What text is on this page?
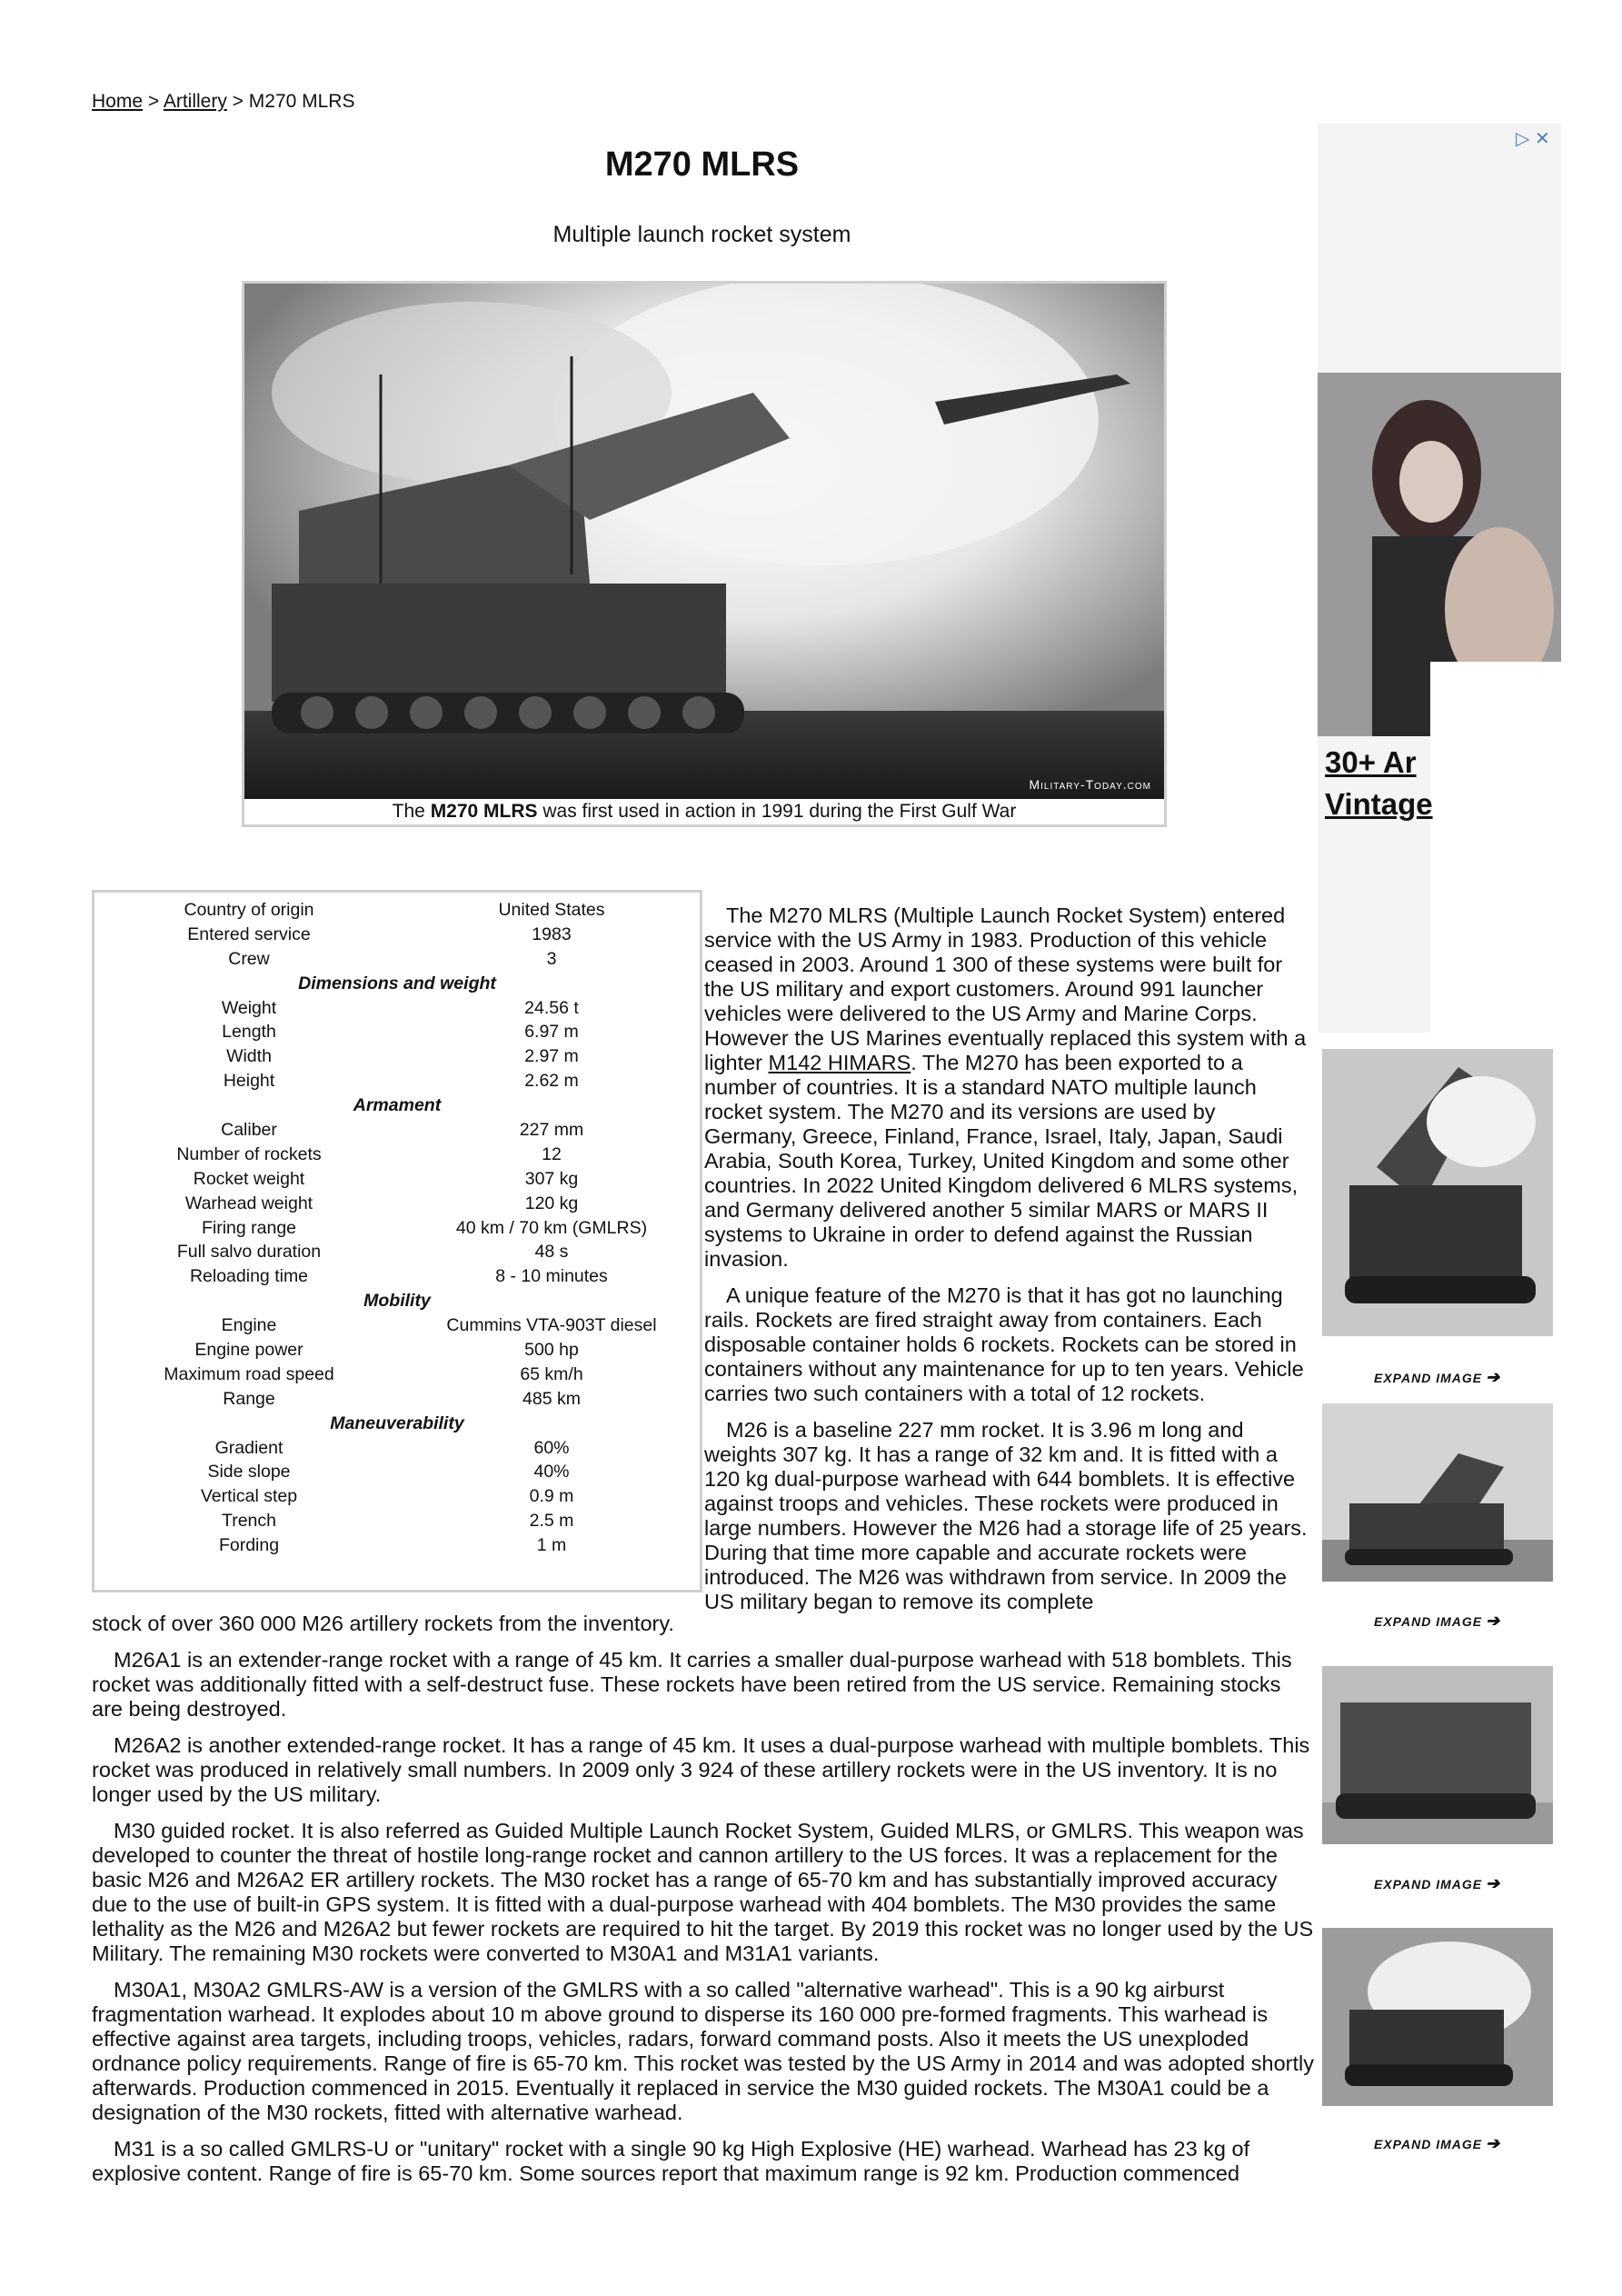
Home > Artillery > M270 MLRS
M270 MLRS
Multiple launch rocket system
Military-Today.com
The M270 MLRS was first used in action in 1991 during the First Gulf War
Country of origin	United States
Entered service	1983
Crew	3
Dimensions and weight
Weight	24.56 t
Length	6.97 m
Width	2.97 m
Height	2.62 m
Armament
Caliber	227 mm
Number of rockets	12
Rocket weight	307 kg
Warhead weight	120 kg
Firing range	40 km / 70 km (GMLRS)
Full salvo duration	48 s
Reloading time	8 - 10 minutes
Mobility
Engine	Cummins VTA-903T diesel
Engine power	500 hp
Maximum road speed	65 km/h
Range	485 km
Maneuverability
Gradient	60%
Side slope	40%
Vertical step	0.9 m
Trench	2.5 m
Fording	1 m

The M270 MLRS (Multiple Launch Rocket System) entered service with the US Army in 1983. Production of this vehicle ceased in 2003. Around 1 300 of these systems were built for the US military and export customers. Around 991 launcher vehicles were delivered to the US Army and Marine Corps. However the US Marines eventually replaced this system with a lighter M142 HIMARS. The M270 has been exported to a number of countries. It is a standard NATO multiple launch rocket system. The M270 and its versions are used by Germany, Greece, Finland, France, Israel, Italy, Japan, Saudi Arabia, South Korea, Turkey, United Kingdom and some other countries. In 2022 United Kingdom delivered 6 MLRS systems, and Germany delivered another 5 similar MARS or MARS II systems to Ukraine in order to defend against the Russian invasion.

A unique feature of the M270 is that it has got no launching rails. Rockets are fired straight away from containers. Each disposable container holds 6 rockets. Rockets can be stored in containers without any maintenance for up to ten years. Vehicle carries two such containers with a total of 12 rockets.

M26 is a baseline 227 mm rocket. It is 3.96 m long and weights 307 kg. It has a range of 32 km and. It is fitted with a 120 kg dual-purpose warhead with 644 bomblets. It is effective against troops and vehicles. These rockets were produced in large numbers. However the M26 had a storage life of 25 years. During that time more capable and accurate rockets were introduced. The M26 was withdrawn from service. In 2009 the US military began to remove its complete

stock of over 360 000 M26 artillery rockets from the inventory.

M26A1 is an extender-range rocket with a range of 45 km. It carries a smaller dual-purpose warhead with 518 bomblets. This rocket was additionally fitted with a self-destruct fuse. These rockets have been retired from the US service. Remaining stocks are being destroyed.

M26A2 is another extended-range rocket. It has a range of 45 km. It uses a dual-purpose warhead with multiple bomblets. This rocket was produced in relatively small numbers. In 2009 only 3 924 of these artillery rockets were in the US inventory. It is no longer used by the US military.

M30 guided rocket. It is also referred as Guided Multiple Launch Rocket System, Guided MLRS, or GMLRS. This weapon was developed to counter the threat of hostile long-range rocket and cannon artillery to the US forces. It was a replacement for the basic M26 and M26A2 ER artillery rockets. The M30 rocket has a range of 65-70 km and has substantially improved accuracy due to the use of built-in GPS system. It is fitted with a dual-purpose warhead with 404 bomblets. The M30 provides the same lethality as the M26 and M26A2 but fewer rockets are required to hit the target. By 2019 this rocket was no longer used by the US Military. The remaining M30 rockets were converted to M30A1 and M31A1 variants.

M30A1, M30A2 GMLRS-AW is a version of the GMLRS with a so called "alternative warhead". This is a 90 kg airburst fragmentation warhead. It explodes about 10 m above ground to disperse its 160 000 pre-formed fragments. This warhead is effective against area targets, including troops, vehicles, radars, forward command posts. Also it meets the US unexploded ordnance policy requirements. Range of fire is 65-70 km. This rocket was tested by the US Army in 2014 and was adopted shortly afterwards. Production commenced in 2015. Eventually it replaced in service the M30 guided rockets. The M30A1 could be a designation of the M30 rockets, fitted with alternative warhead.

M31 is a so called GMLRS-U or "unitary" rocket with a single 90 kg High Explosive (HE) warhead. Warhead has 23 kg of explosive content. Range of fire is 65-70 km. Some sources report that maximum range is 92 km. Production commenced

▷ ✕
30+ Ar
Vintage
EXPAND IMAGE ➔
EXPAND IMAGE ➔
EXPAND IMAGE ➔
EXPAND IMAGE ➔
